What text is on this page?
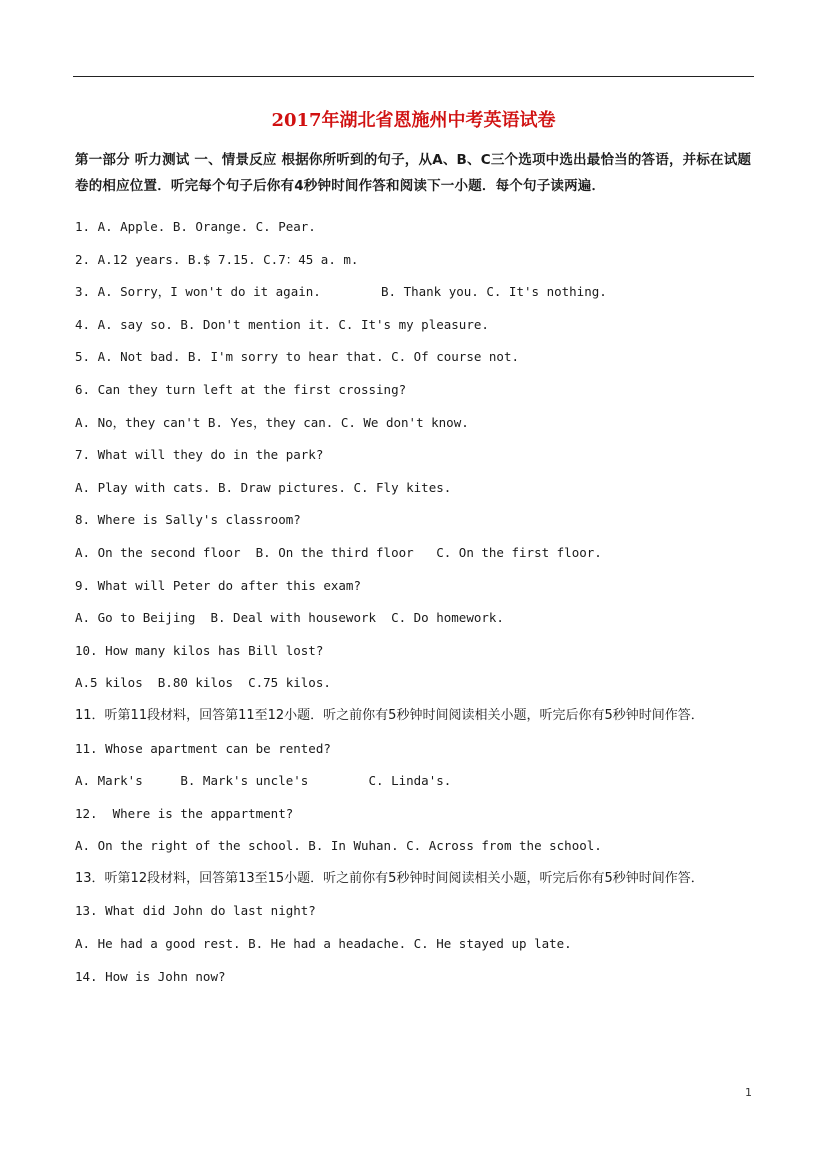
2017年湖北省恩施州中考英语试卷
第一部分 听力测试 一、情景反应 根据你所听到的句子，从A、B、C三个选项中选出最恰当的答语，并标在试题卷的相应位置．听完每个句子后你有4秒钟时间作答和阅读下一小题．每个句子读两遍．
1. A. Apple. B. Orange. C. Pear.
2. A.12 years. B.$ 7.15. C.7：45 a. m.
3. A. Sorry，I won't do it again.        B. Thank you. C. It's nothing.
4. A. say so. B. Don't mention it. C. It's my pleasure.
5. A. Not bad. B. I'm sorry to hear that. C. Of course not.
6. Can they turn left at the first crossing?
A. No，they can't B. Yes，they can. C. We don't know.
7. What will they do in the park?
A. Play with cats. B. Draw pictures. C. Fly kites.
8. Where is Sally's classroom?
A. On the second floor  B. On the third floor   C. On the first floor.
9. What will Peter do after this exam?
A. Go to Beijing  B. Deal with housework  C. Do homework.
10. How many kilos has Bill lost?
A.5 kilos  B.80 kilos  C.75 kilos.
11．听第11段材料，回答第11至12小题．听之前你有5秒钟时间阅读相关小题，听完后你有5秒钟时间作答．
11. Whose apartment can be rented?
A. Mark's     B. Mark's uncle's        C. Linda's.
12.  Where is the appartment?
A. On the right of the school. B. In Wuhan. C. Across from the school.
13．听第12段材料，回答第13至15小题．听之前你有5秒钟时间阅读相关小题，听完后你有5秒钟时间作答．
13. What did John do last night?
A. He had a good rest. B. He had a headache. C. He stayed up late.
14. How is John now?
1
